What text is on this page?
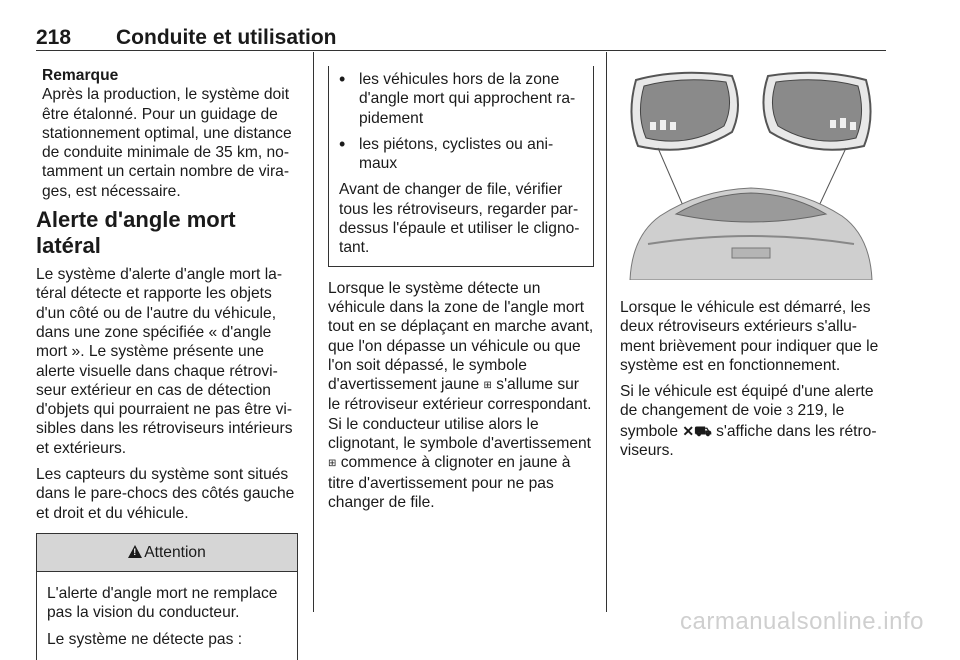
218 Conduite et utilisation
Remarque
Après la production, le système doit être étalonné. Pour un guidage de stationnement optimal, une distance de conduite minimale de 35 km, notamment un certain nombre de virages, est nécessaire.
Alerte d'angle mort latéral

Le système d'alerte d'angle mort latéral détecte et rapporte les objets d'un côté ou de l'autre du véhicule, dans une zone spécifiée « d'angle mort ». Le système présente une alerte visuelle dans chaque rétroviseur extérieur en cas de détection d'objets qui pourraient ne pas être visibles dans les rétroviseurs intérieurs et extérieurs.

Les capteurs du système sont situés dans le pare-chocs des côtés gauche et droit et du véhicule.

!Attention

L'alerte d'angle mort ne remplace pas la vision du conducteur.

Le système ne détecte pas :

• les véhicules hors de la zone d'angle mort qui approchent rapidement
• les piétons, cyclistes ou animaux
Avant de changer de file, vérifier tous les rétroviseurs, regarder par-dessus l'épaule et utiliser le clignotant.

Lorsque le système détecte un véhicule dans la zone de l'angle mort tout en se déplaçant en marche avant, que l'on dépasse un véhicule ou que l'on soit dépassé, le symbole d'avertissement jaune ⊞ s'allume sur le rétroviseur extérieur correspondant. Si le conducteur utilise alors le clignotant, le symbole d'avertissement ⊞ commence à clignoter en jaune à titre d'avertissement pour ne pas changer de file.

Lorsque le véhicule est démarré, les deux rétroviseurs extérieurs s'allument brièvement pour indiquer que le système est en fonctionnement.

Si le véhicule est équipé d'une alerte de changement de voie 3 219, le symbole ✕⛟ s'affiche dans les rétroviseurs.

carmanualsonline.info
